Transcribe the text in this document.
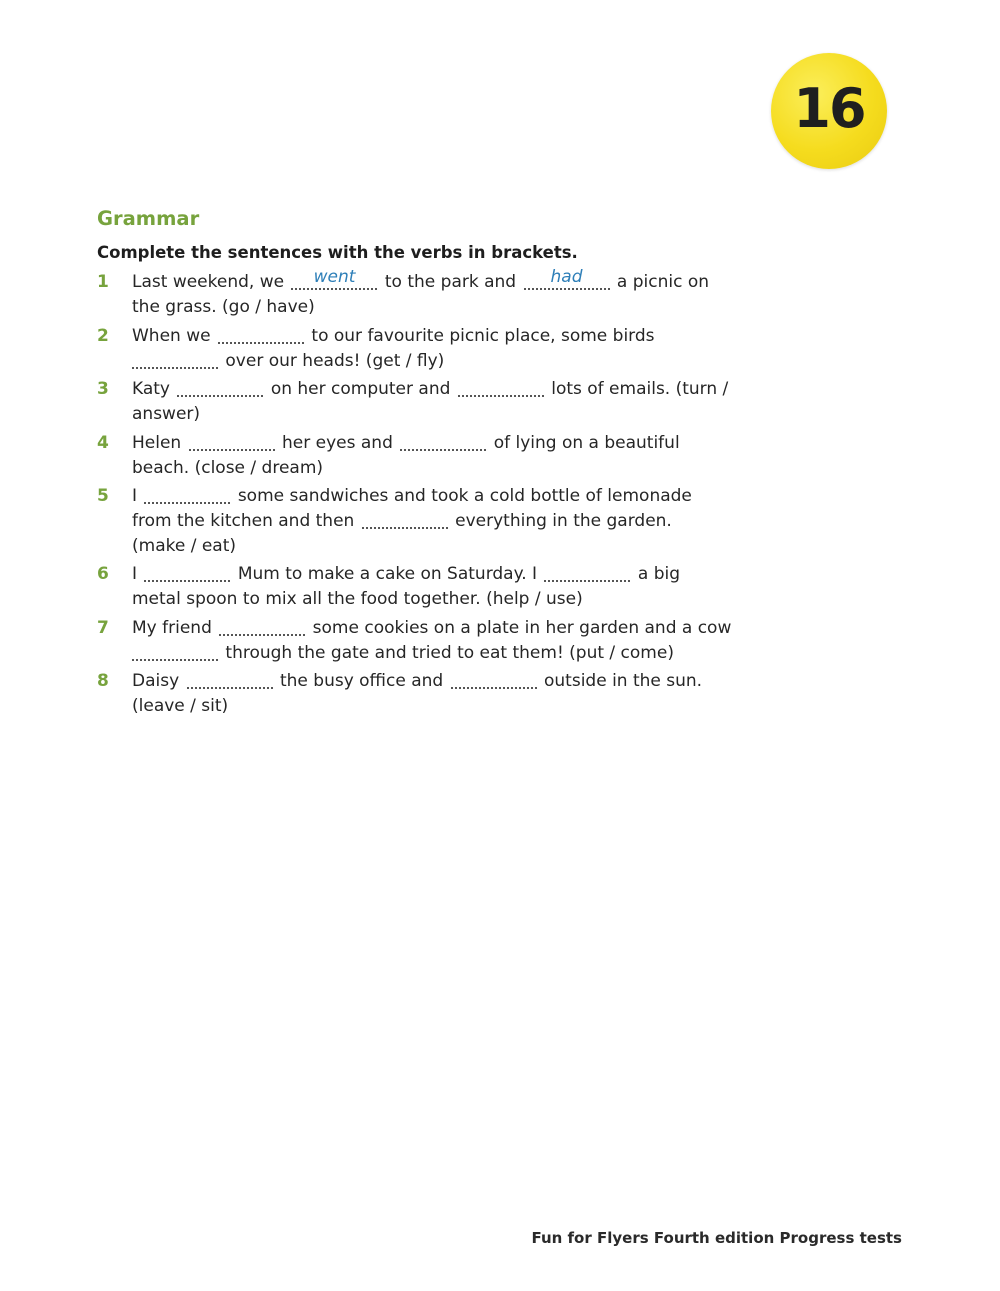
16
Grammar

Complete the sentences with the verbs in brackets.

1 Last weekend, we	went	to the park and	had	a picnic on
the grass. (go / have)
2 When we	to our favourite picnic place, some birds

over our heads! (get / fly)
3 Katy	on her computer and	lots of emails. (turn /
answer)
4 Helen	her eyes and	of lying on a beautiful
beach. (close / dream)
5 I	some sandwiches and took a cold bottle of lemonade
from the kitchen and then	everything in the garden.
(make / eat)
6 I	Mum to make a cake on Saturday. I	a big
metal spoon to mix all the food together. (help / use)
7 My friend	some cookies on a plate in her garden and a cow

through the gate and tried to eat them! (put / come)
8 Daisy	the busy office and	outside in the sun.
(leave / sit)

Fun for Flyers Fourth edition Progress tests
